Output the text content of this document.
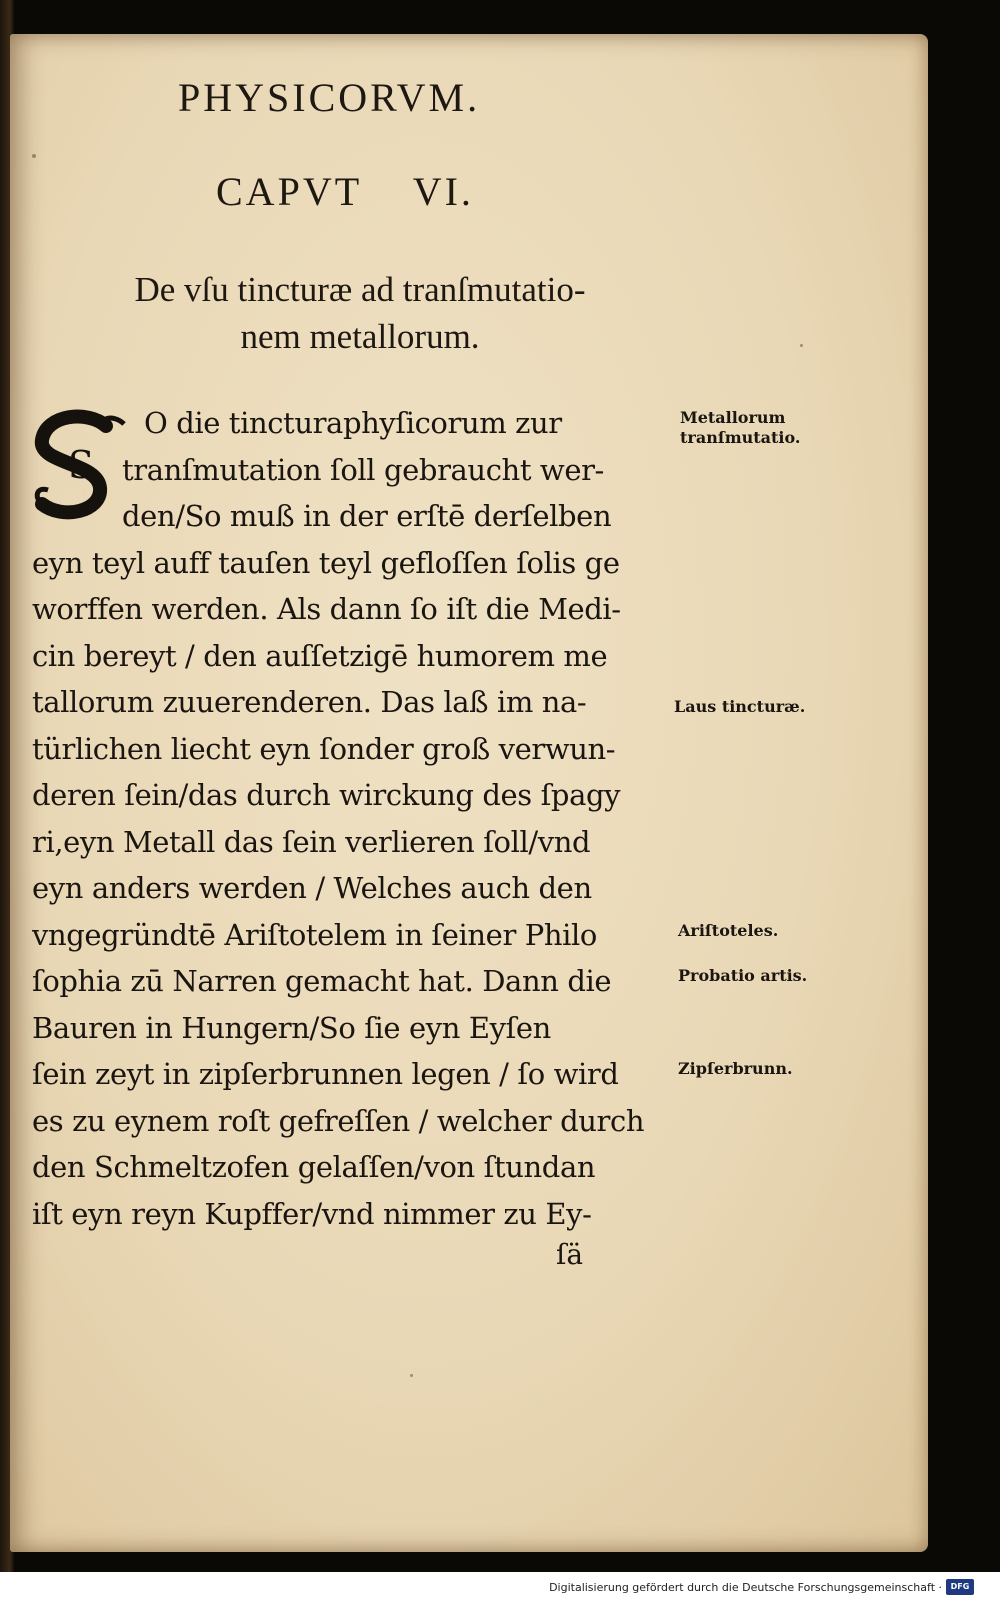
PHYSICORVM.
CAPVT    VI.
De vſu tincturæ ad tranſmutatio-
nem metallorum.
S
O die tincturaphyſicorum zur
tranſmutation ſoll gebraucht wer-
den/So muß in der erſtē derſelben
eyn teyl auff tauſen teyl gefloſſen ſolis ge
worffen werden. Als dann ſo iſt die Medi-
cin bereyt / den auſſetzigē humorem me
tallorum zuuerenderen. Das laß im na-
türlichen liecht eyn ſonder groß verwun-
deren ſein/das durch wirckung des ſpagy
ri,eyn Metall das ſein verlieren ſoll/vnd
eyn anders werden / Welches auch den
vngegründtē Ariſtotelem in ſeiner Philo
ſophia zū Narren gemacht hat. Dann die
Bauren in Hungern/So ſie eyn Eyſen
ſein zeyt in zipſerbrunnen legen / ſo wird
es zu eynem roſt gefreſſen / welcher durch
den Schmeltzofen gelaſſen/von ſtundan
iſt eyn reyn Kupffer/vnd nimmer zu Ey-
ſä
Metallorum
tranſmutatio.
Laus tincturæ.
Ariſtoteles.
Probatio artis.
Zipſerbrunn.
Digitalisierung gefördert durch die Deutsche Forschungsgemeinschaft ·	DFG
